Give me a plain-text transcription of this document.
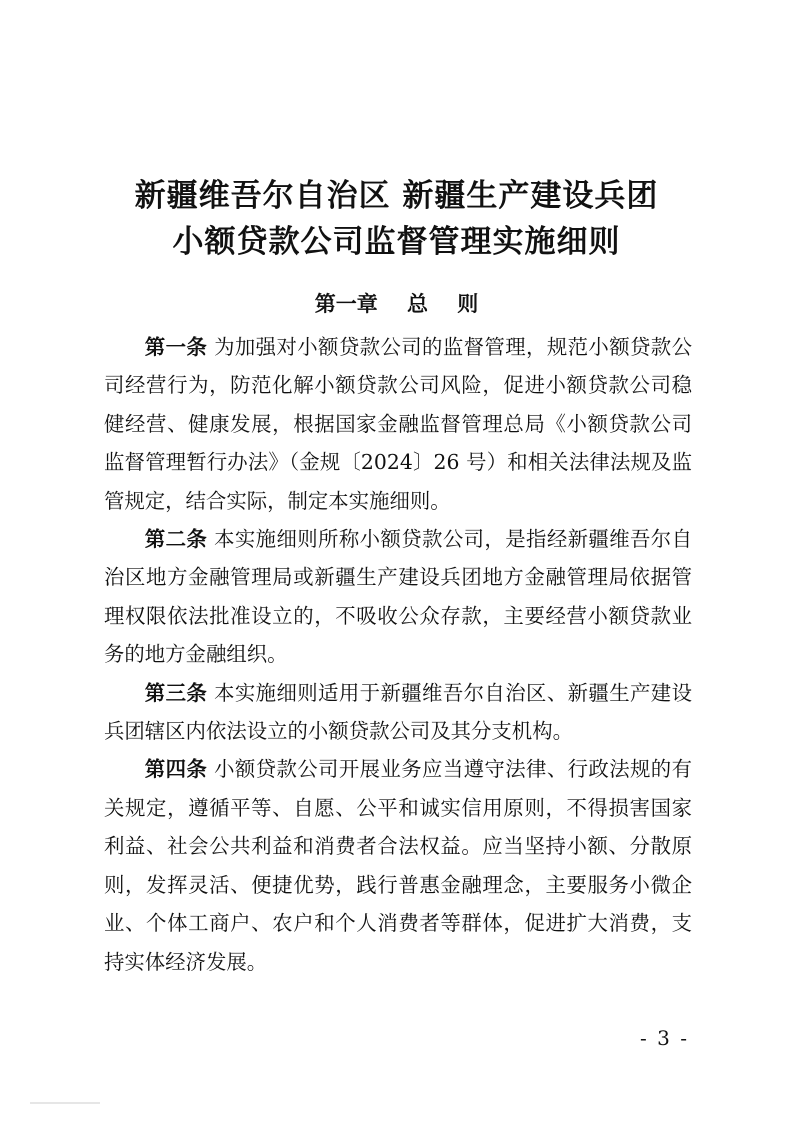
新疆维吾尔自治区 新疆生产建设兵团
小额贷款公司监督管理实施细则
第一章    总    则

第一条 为加强对小额贷款公司的监督管理，规范小额贷款公司经营行为，防范化解小额贷款公司风险，促进小额贷款公司稳健经营、健康发展，根据国家金融监督管理总局《小额贷款公司监督管理暂行办法》（金规〔2024〕26 号）和相关法律法规及监管规定，结合实际，制定本实施细则。

第二条 本实施细则所称小额贷款公司，是指经新疆维吾尔自治区地方金融管理局或新疆生产建设兵团地方金融管理局依据管理权限依法批准设立的，不吸收公众存款，主要经营小额贷款业务的地方金融组织。

第三条 本实施细则适用于新疆维吾尔自治区、新疆生产建设兵团辖区内依法设立的小额贷款公司及其分支机构。

第四条 小额贷款公司开展业务应当遵守法律、行政法规的有关规定，遵循平等、自愿、公平和诚实信用原则，不得损害国家利益、社会公共利益和消费者合法权益。应当坚持小额、分散原则，发挥灵活、便捷优势，践行普惠金融理念，主要服务小微企业、个体工商户、农户和个人消费者等群体，促进扩大消费，支持实体经济发展。

- 3 -
